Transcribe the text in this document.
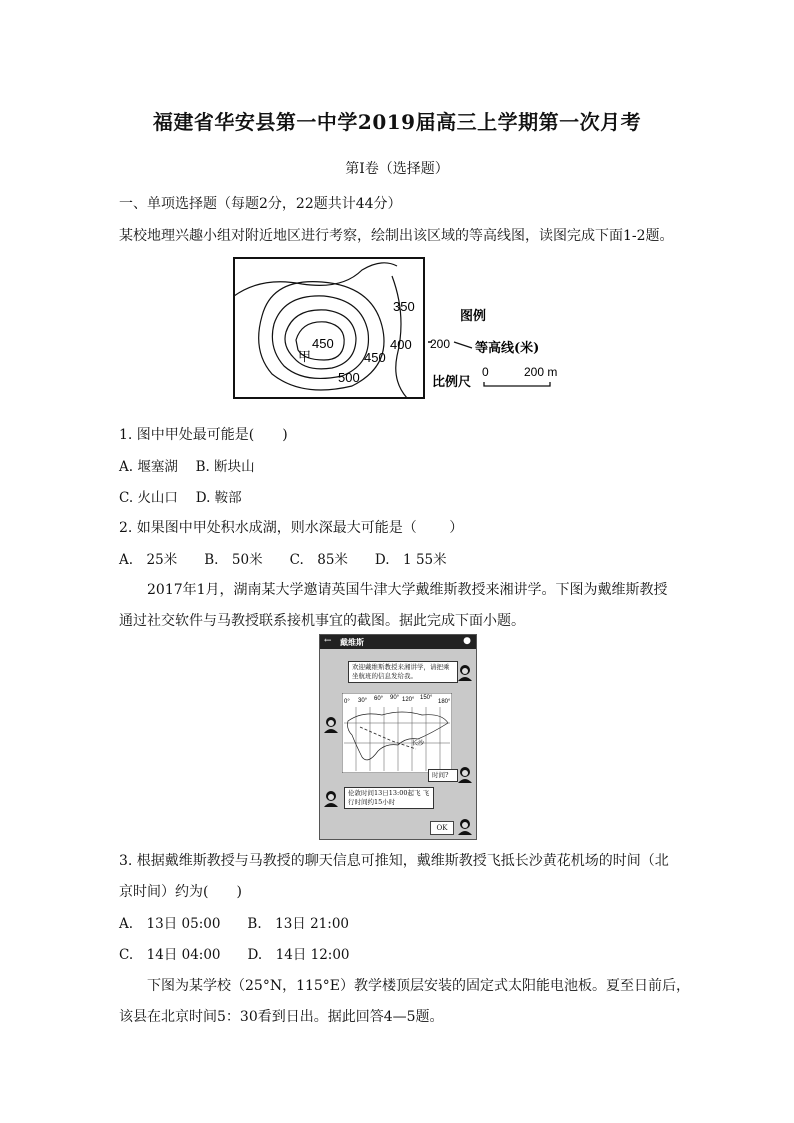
福建省华安县第一中学2019届高三上学期第一次月考
第Ⅰ卷（选择题）
一、单项选择题（每题2分，22题共计44分）
某校地理兴趣小组对附近地区进行考察，绘制出该区域的等高线图，读图完成下面1-2题。
350
400
450
450
500
甲
图例
200 等高线(米)
比例尺
0	200 m
1. 图中甲处最可能是(　　)
A. 堰塞湖　 B. 断块山
C. 火山口　 D. 鞍部
2. 如果图中甲处积水成湖，则水深最大可能是（　　 ）
A.　25米　　B.　50米　　C.　85米　　D.　1 55米
2017年1月，湖南某大学邀请英国牛津大学戴维斯教授来湘讲学。下图为戴维斯教授
通过社交软件与马教授联系接机事宜的截图。据此完成下面小题。
← 戴维斯	●
欢迎戴维斯教授来湘讲学，请把乘坐航班的信息发给我。
0° 30° 60° 90° 120° 150°
180°
长沙
时间?
伦敦时间13日13:00起飞 飞行时间约15小时
OK
3. 根据戴维斯教授与马教授的聊天信息可推知，戴维斯教授飞抵长沙黄花机场的时间（北
京时间）约为(　　)
A.　13日 05:00　　B.　13日 21:00
C.　14日 04:00　　D.　14日 12:00
下图为某学校（25°N，115°E）教学楼顶层安装的固定式太阳能电池板。夏至日前后，
该县在北京时间5：30看到日出。据此回答4—5题。
